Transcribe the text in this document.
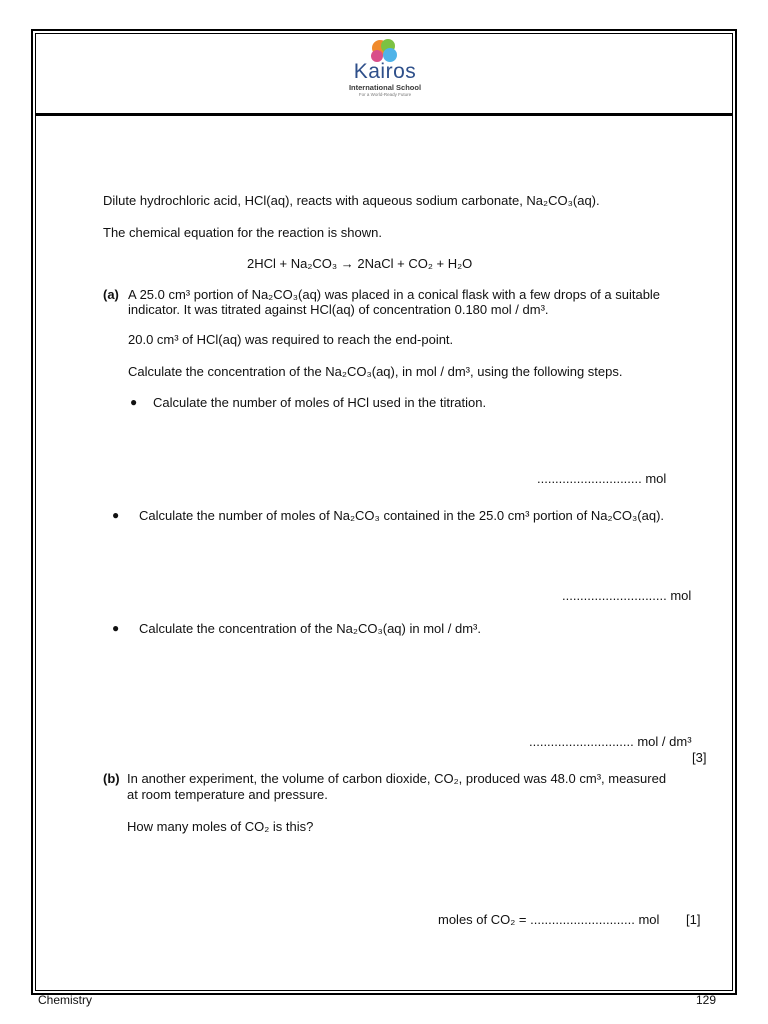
Kairos
International School
For a World-Ready Future
Dilute hydrochloric acid, HCl(aq), reacts with aqueous sodium carbonate, Na₂CO₃(aq).
The chemical equation for the reaction is shown.
2HCl + Na₂CO₃ → 2NaCl + CO₂ + H₂O
(a) A 25.0 cm³ portion of Na₂CO₃(aq) was placed in a conical flask with a few drops of a suitable
indicator. It was titrated against HCl(aq) of concentration 0.180 mol / dm³.
20.0 cm³ of HCl(aq) was required to reach the end-point.
Calculate the concentration of the Na₂CO₃(aq), in mol / dm³, using the following steps.
● Calculate the number of moles of HCl used in the titration.
............................. mol
● Calculate the number of moles of Na₂CO₃ contained in the 25.0 cm³ portion of Na₂CO₃(aq).
............................. mol
● Calculate the concentration of the Na₂CO₃(aq) in mol / dm³.
............................. mol / dm³
[3]
(b) In another experiment, the volume of carbon dioxide, CO₂, produced was 48.0 cm³, measured
at room temperature and pressure.
How many moles of CO₂ is this?
moles of CO₂ = ............................. mol [1]
Chemistry	129
